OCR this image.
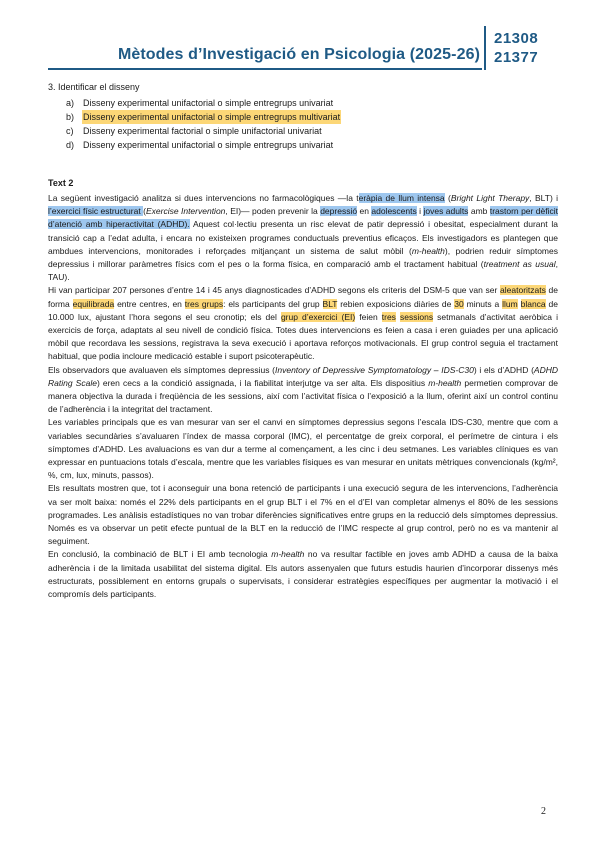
Mètodes d’Investigació en Psicologia (2025-26)
21308
21377
3. Identificar el disseny
a) Disseny experimental unifactorial o simple entregrups univariat
b) Disseny experimental unifactorial o simple entregrups multivariat
c)	Disseny experimental factorial o simple unifactorial univariat
d) Disseny experimental unifactorial o simple entregrups univariat
Text 2

La següent investigació analitza si dues intervencions no farmacològiques —la teràpia de llum intensa (Bright Light Therapy, BLT) i l’exercici físic estructurat (Exercise Intervention, EI)— poden prevenir la depressió en adolescents i joves adults amb trastorn per dèficit d’atenció amb hiperactivitat (ADHD). Aquest col·lectiu presenta un risc elevat de patir depressió i obesitat, especialment durant la transició cap a l’edat adulta, i encara no existeixen programes conductuals preventius eficaços. Els investigadors es plantegen que ambdues intervencions, monitorades i reforçades mitjançant un sistema de salut mòbil (m-health), podrien reduir símptomes depressius i millorar paràmetres físics com el pes o la forma física, en comparació amb el tractament habitual (treatment as usual, TAU).

Hi van participar 207 persones d’entre 14 i 45 anys diagnosticades d’ADHD segons els criteris del DSM-5 que van ser aleatoritzats de forma equilibrada entre centres, en tres grups: els participants del grup BLT rebien exposicions diàries de 30 minuts a llum blanca de 10.000 lux, ajustant l’hora segons el seu cronotip; els del grup d’exercici (EI) feien tres sessions setmanals d’activitat aeròbica i exercicis de força, adaptats al seu nivell de condició física. Totes dues intervencions es feien a casa i eren guiades per una aplicació mòbil que recordava les sessions, registrava la seva execució i aportava reforços motivacionals. El grup control seguia el tractament habitual, que podia incloure medicació estable i suport psicoterapèutic.

Els observadors que avaluaven els símptomes depressius (Inventory of Depressive Symptomatology – IDS-C30) i els d’ADHD (ADHD Rating Scale) eren cecs a la condició assignada, i la fiabilitat interjutge va ser alta. Els dispositius m-health permetien comprovar de manera objectiva la durada i freqüència de les sessions, així com l’activitat física o l’exposició a la llum, oferint així un control continu de l’adherència i la integritat del tractament.

Les variables principals que es van mesurar van ser el canvi en símptomes depressius segons l’escala IDS-C30, mentre que com a variables secundàries s’avaluaren l’índex de massa corporal (IMC), el percentatge de greix corporal, el perímetre de cintura i els símptomes d’ADHD. Les avaluacions es van dur a terme al començament, a les cinc i deu setmanes. Les variables clíniques es van expressar en puntuacions totals d’escala, mentre que les variables físiques es van mesurar en unitats mètriques convencionals (kg/m², %, cm, lux, minuts, passos).

Els resultats mostren que, tot i aconseguir una bona retenció de participants i una execució segura de les intervencions, l’adherència va ser molt baixa: només el 22% dels participants en el grup BLT i el 7% en el d’EI van completar almenys el 80% de les sessions programades. Les anàlisis estadístiques no van trobar diferències significatives entre grups en la reducció dels símptomes depressius. Només es va observar un petit efecte puntual de la BLT en la reducció de l’IMC respecte al grup control, però no es va mantenir al seguiment.

En conclusió, la combinació de BLT i EI amb tecnologia m-health no va resultar factible en joves amb ADHD a causa de la baixa adherència i de la limitada usabilitat del sistema digital. Els autors assenyalen que futurs estudis haurien d’incorporar dissenys més estructurats, possiblement en entorns grupals o supervisats, i considerar estratègies específiques per augmentar la motivació i el compromís dels participants.

2
